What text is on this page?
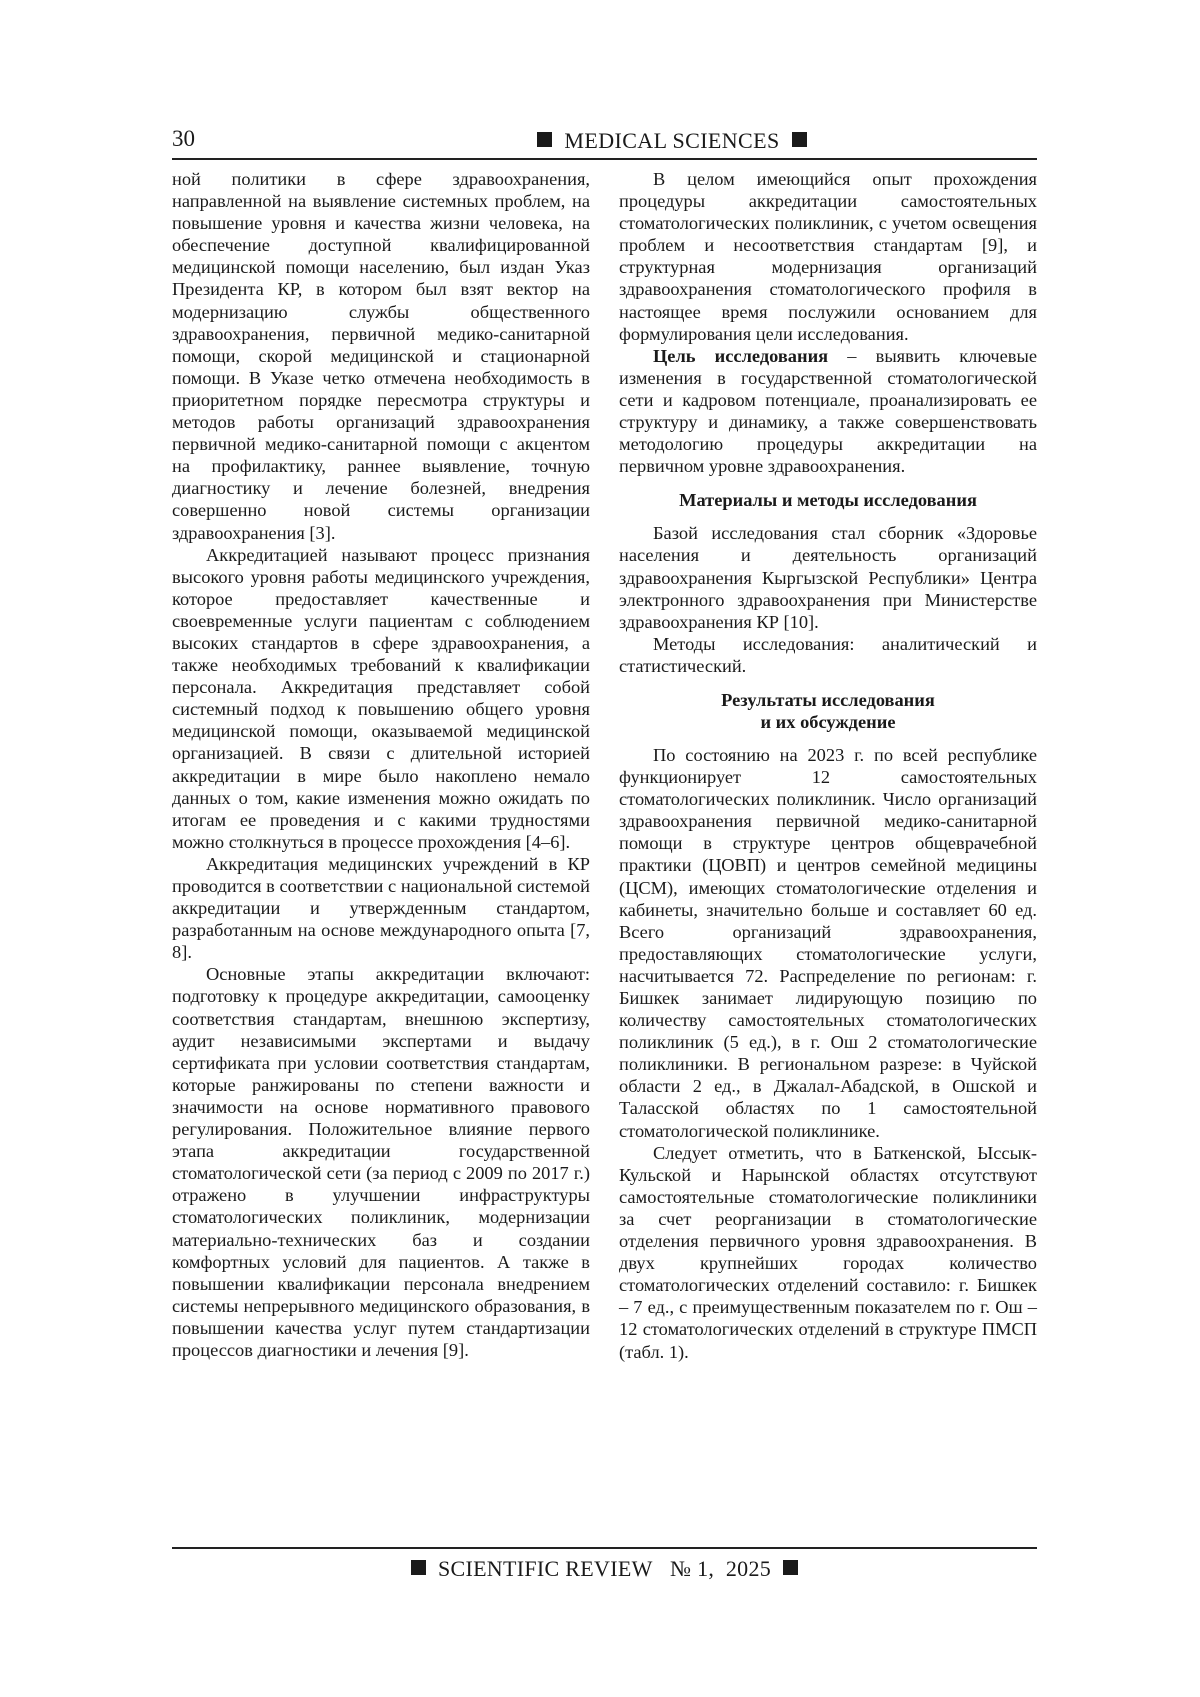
30	MEDICAL SCIENCES

ной политики в сфере здравоохранения, направленной на выявление системных проблем, на повышение уровня и качества жизни человека, на обеспечение доступной квалифицированной медицинской помощи населению, был издан Указ Президента КР, в котором был взят вектор на модернизацию службы общественного здравоохранения, первичной медико-санитарной помощи, скорой медицинской и стационарной помощи. В Указе четко отмечена необходимость в приоритетном порядке пересмотра структуры и методов работы организаций здравоохранения первичной медико-санитарной помощи с акцентом на профилактику, раннее выявление, точную диагностику и лечение болезней, внедрения совершенно новой системы организации здравоохранения [3].

Аккредитацией называют процесс признания высокого уровня работы медицинского учреждения, которое предоставляет качественные и своевременные услуги пациентам с соблюдением высоких стандартов в сфере здравоохранения, а также необходимых требований к квалификации персонала. Аккредитация представляет собой системный подход к повышению общего уровня медицинской помощи, оказываемой медицинской организацией. В связи с длительной историей аккредитации в мире было накоплено немало данных о том, какие изменения можно ожидать по итогам ее проведения и с какими трудностями можно столкнуться в процессе прохождения [4–6].

Аккредитация медицинских учреждений в КР проводится в соответствии с национальной системой аккредитации и утвержденным стандартом, разработанным на основе международного опыта [7, 8].

Основные этапы аккредитации включают: подготовку к процедуре аккредитации, самооценку соответствия стандартам, внешнюю экспертизу, аудит независимыми экспертами и выдачу сертификата при условии соответствия стандартам, которые ранжированы по степени важности и значимости на основе нормативного правового регулирования. Положительное влияние первого этапа аккредитации государственной стоматологической сети (за период с 2009 по 2017 г.) отражено в улучшении инфраструктуры стоматологических поликлиник, модернизации материально-технических баз и создании комфортных условий для пациентов. А также в повышении квалификации персонала внедрением системы непрерывного медицинского образования, в повышении качества услуг путем стандартизации процессов диагностики и лечения [9].

В целом имеющийся опыт прохождения процедуры аккредитации самостоятельных стоматологических поликлиник, с учетом освещения проблем и несоответствия стандартам [9], и структурная модернизация организаций здравоохранения стоматологического профиля в настоящее время послужили основанием для формулирования цели исследования.

Цель исследования – выявить ключевые изменения в государственной стоматологической сети и кадровом потенциале, проанализировать ее структуру и динамику, а также совершенствовать методологию процедуры аккредитации на первичном уровне здравоохранения.

Материалы и методы исследования

Базой исследования стал сборник «Здоровье населения и деятельность организаций здравоохранения Кыргызской Республики» Центра электронного здравоохранения при Министерстве здравоохранения КР [10].

Методы исследования: аналитический и статистический.

Результаты исследования
и их обсуждение

По состоянию на 2023 г. по всей республике функционирует 12 самостоятельных стоматологических поликлиник. Число организаций здравоохранения первичной медико-санитарной помощи в структуре центров общеврачебной практики (ЦОВП) и центров семейной медицины (ЦСМ), имеющих стоматологические отделения и кабинеты, значительно больше и составляет 60 ед. Всего организаций здравоохранения, предоставляющих стоматологические услуги, насчитывается 72. Распределение по регионам: г. Бишкек занимает лидирующую позицию по количеству самостоятельных стоматологических поликлиник (5 ед.), в г. Ош 2 стоматологические поликлиники. В региональном разрезе: в Чуйской области 2 ед., в Джалал-Абадской, в Ошской и Таласской областях по 1 самостоятельной стоматологической поликлинике.

Следует отметить, что в Баткенской, Ыссык-Кульской и Нарынской областях отсутствуют самостоятельные стоматологические поликлиники за счет реорганизации в стоматологические отделения первичного уровня здравоохранения. В двух крупнейших городах количество стоматологических отделений составило: г. Бишкек – 7 ед., с преимущественным показателем по г. Ош – 12 стоматологических отделений в структуре ПМСП (табл. 1).

SCIENTIFIC REVIEW № 1, 2025
